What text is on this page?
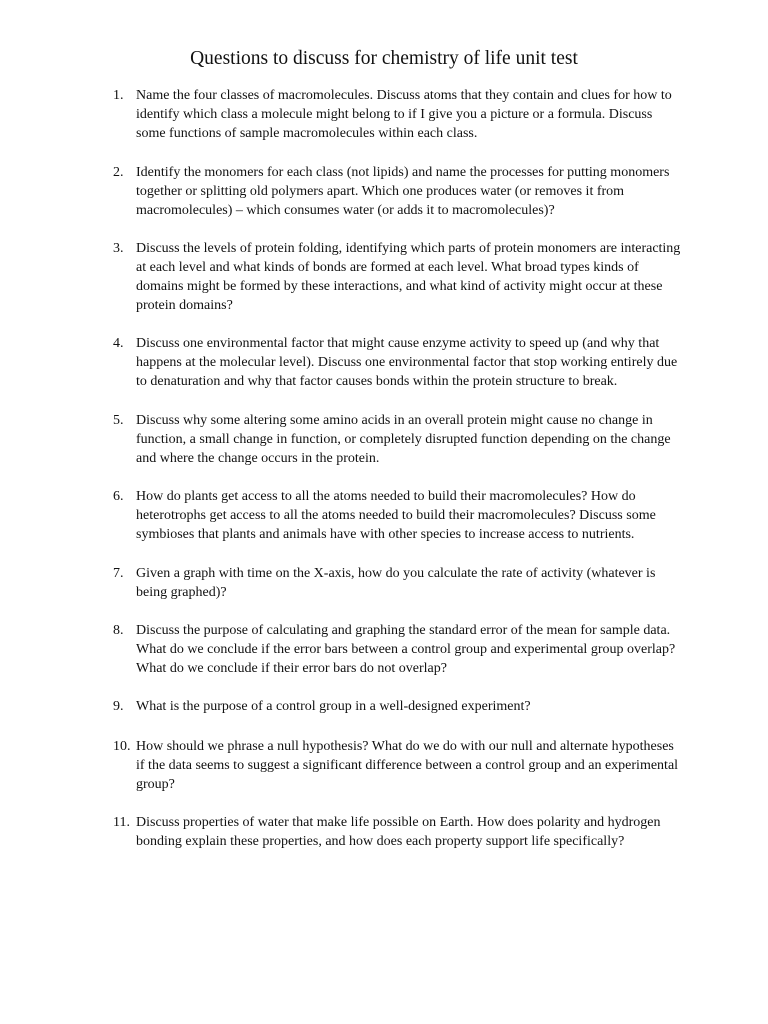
Questions to discuss for chemistry of life unit test
1. Name the four classes of macromolecules. Discuss atoms that they contain and clues for how to
identify which class a molecule might belong to if I give you a picture or a formula. Discuss
some functions of sample macromolecules within each class.
2. Identify the monomers for each class (not lipids) and name the processes for putting monomers
together or splitting old polymers apart. Which one produces water (or removes it from
macromolecules) – which consumes water (or adds it to macromolecules)?
3. Discuss the levels of protein folding, identifying which parts of protein monomers are interacting
at each level and what kinds of bonds are formed at each level. What broad types kinds of
domains might be formed by these interactions, and what kind of activity might occur at these
protein domains?
4. Discuss one environmental factor that might cause enzyme activity to speed up (and why that
happens at the molecular level). Discuss one environmental factor that stop working entirely due
to denaturation and why that factor causes bonds within the protein structure to break.
5. Discuss why some altering some amino acids in an overall protein might cause no change in
function, a small change in function, or completely disrupted function depending on the change
and where the change occurs in the protein.
6. How do plants get access to all the atoms needed to build their macromolecules? How do
heterotrophs get access to all the atoms needed to build their macromolecules? Discuss some
symbioses that plants and animals have with other species to increase access to nutrients.
7. Given a graph with time on the X-axis, how do you calculate the rate of activity (whatever is
being graphed)?
8. Discuss the purpose of calculating and graphing the standard error of the mean for sample data.
What do we conclude if the error bars between a control group and experimental group overlap?
What do we conclude if their error bars do not overlap?
9. What is the purpose of a control group in a well-designed experiment?
10. How should we phrase a null hypothesis? What do we do with our null and alternate hypotheses
if the data seems to suggest a significant difference between a control group and an experimental
group?
11. Discuss properties of water that make life possible on Earth. How does polarity and hydrogen
bonding explain these properties, and how does each property support life specifically?
